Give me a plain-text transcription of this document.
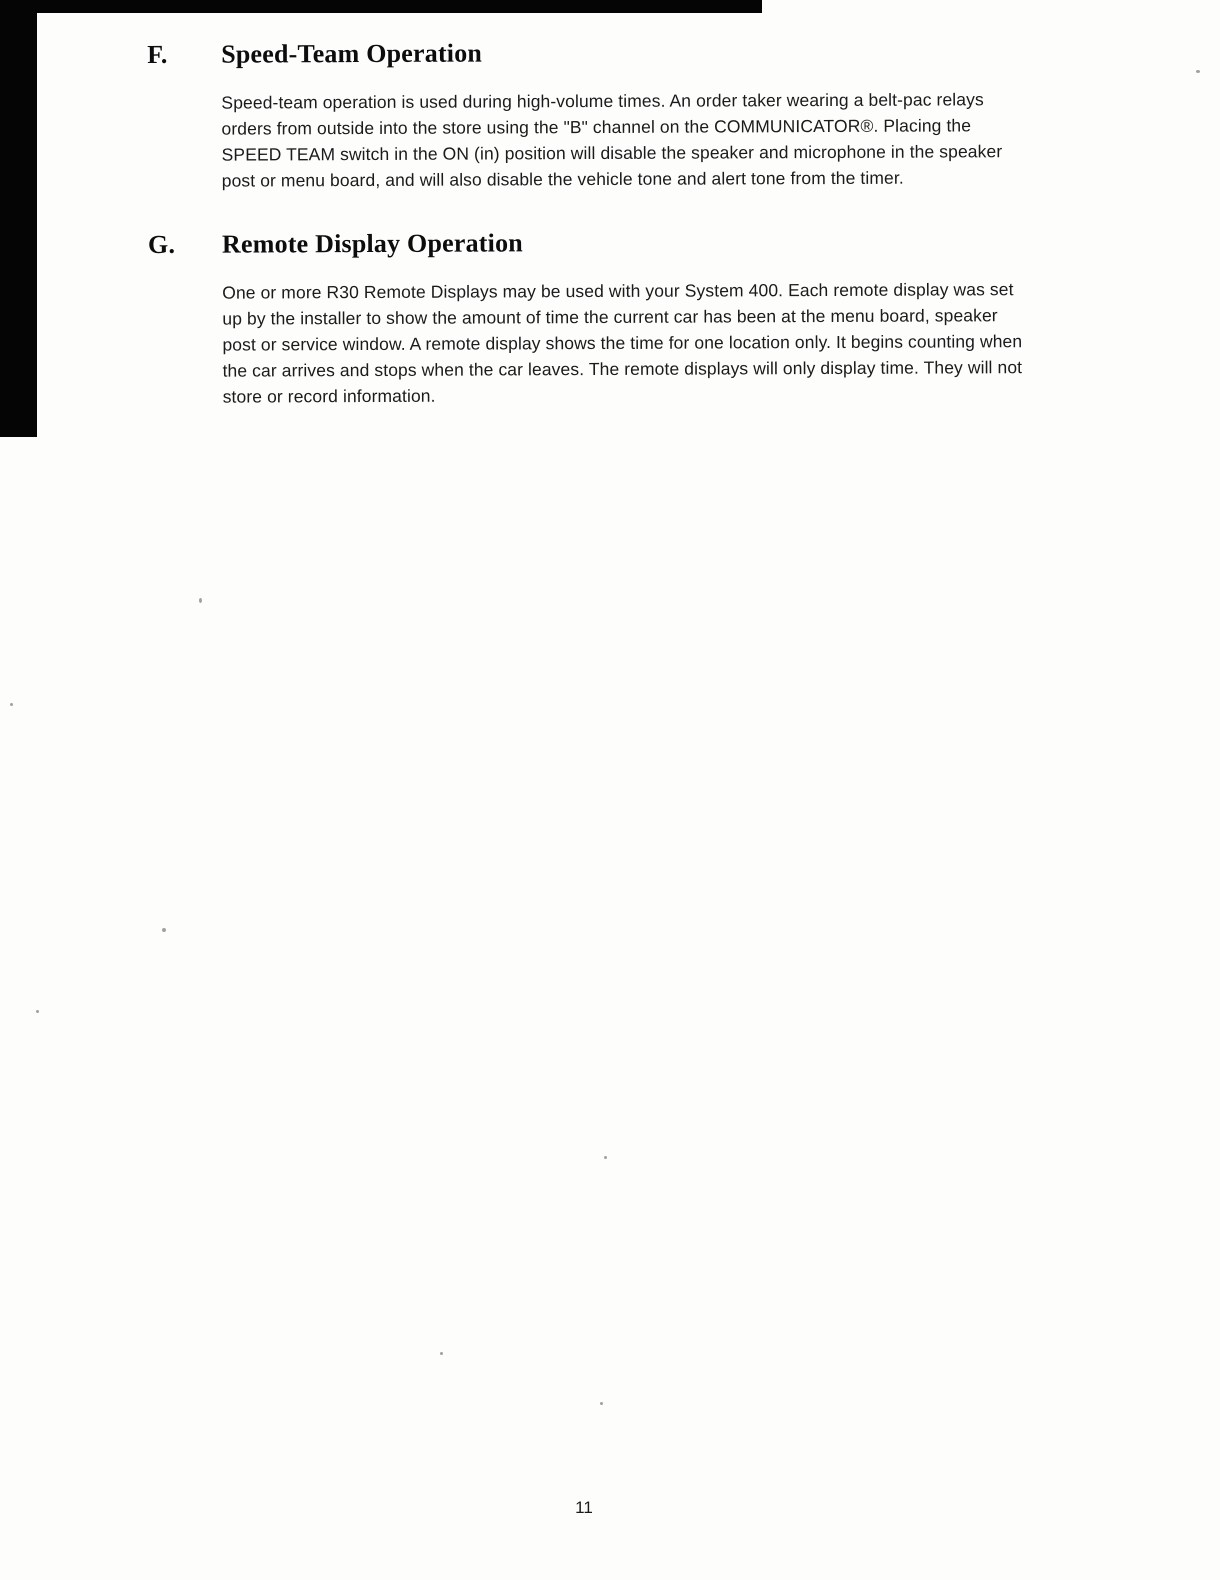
F.	Speed-Team Operation
Speed-team operation is used during high-volume times. An order taker wearing a belt-pac relays orders from outside into the store using the "B" channel on the COMMUNICATOR®. Placing the SPEED TEAM switch in the ON (in) position will disable the speaker and microphone in the speaker post or menu board, and will also disable the vehicle tone and alert tone from the timer.
G.	Remote Display Operation
One or more R30 Remote Displays may be used with your System 400. Each remote display was set up by the installer to show the amount of time the current car has been at the menu board, speaker post or service window. A remote display shows the time for one location only. It begins counting when the car arrives and stops when the car leaves. The remote displays will only display time. They will not store or record information.
11
